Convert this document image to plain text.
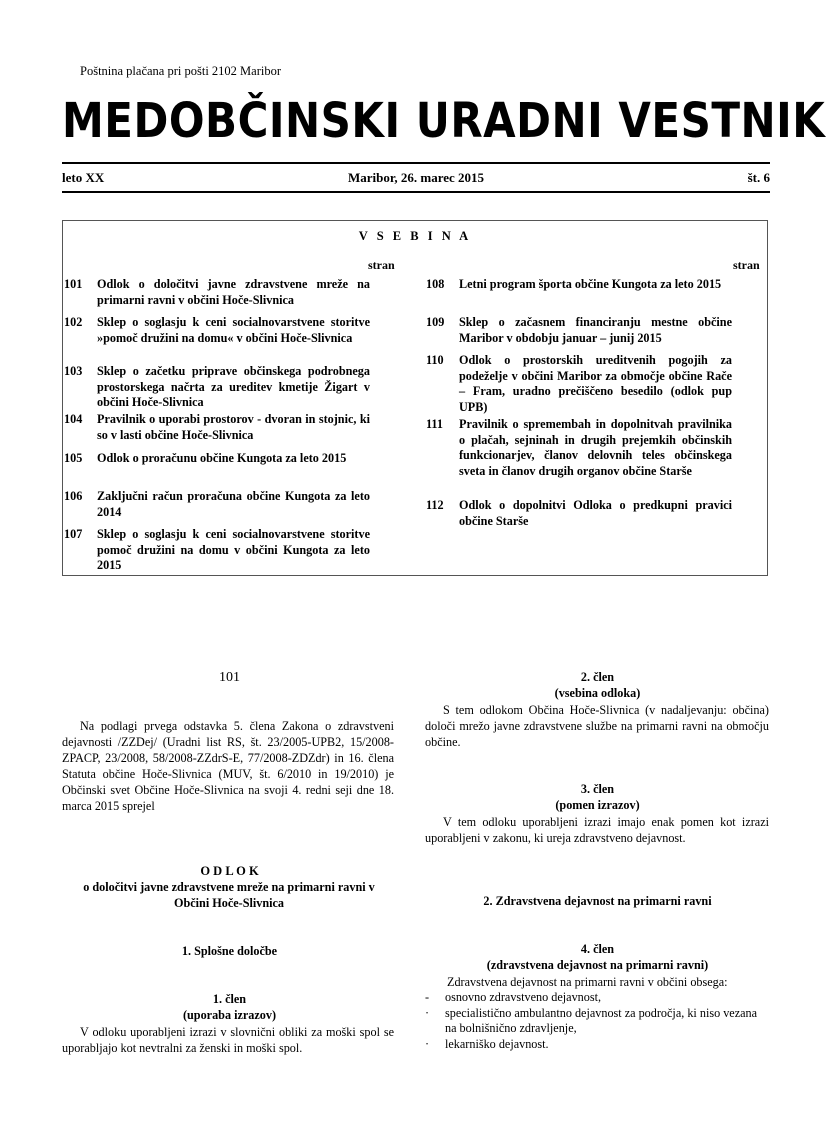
Poštnina plačana pri pošti 2102 Maribor
MEDOBČINSKI URADNI VESTNIK
leto XX	Maribor, 26. marec 2015	št. 6
V S E B I N A
stran	stran
101 Odlok o določitvi javne zdravstvene mreže na primarni ravni v občini Hoče-Slivnica
102 Sklep o soglasju k ceni socialnovarstvene storitve »pomoč družini na domu« v občini Hoče-Slivnica
103 Sklep o začetku priprave občinskega podrobnega prostorskega načrta za ureditev kmetije Žigart v občini Hoče-Slivnica
104 Pravilnik o uporabi prostorov - dvoran in stojnic, ki so v lasti občine Hoče-Slivnica
105 Odlok o proračunu občine Kungota za leto 2015
106 Zaključni račun proračuna občine Kungota za leto 2014
107 Sklep o soglasju k ceni socialnovarstvene storitve pomoč družini na domu v občini Kungota za leto 2015
108 Letni program športa občine Kungota za leto 2015
109 Sklep o začasnem financiranju mestne občine Maribor v obdobju januar – junij 2015
110 Odlok o prostorskih ureditvenih pogojih za podeželje v občini Maribor za območje občine Rače – Fram, uradno prečiščeno besedilo (odlok pup UPB)
111 Pravilnik o spremembah in dopolnitvah pravilnika o plačah, sejninah in drugih prejemkih občinskih funkcionarjev, članov delovnih teles občinskega sveta in članov drugih organov občine Starše
112 Odlok o dopolnitvi Odloka o predkupni pravici občine Starše
101
Na podlagi prvega odstavka 5. člena Zakona o zdravstveni dejavnosti /ZZDej/ (Uradni list RS, št. 23/2005-UPB2, 15/2008-ZPACP, 23/2008, 58/2008-ZZdrS-E, 77/2008-ZDZdr) in 16. člena Statuta občine Hoče-Slivnica (MUV, št. 6/2010 in 19/2010) je Občinski svet Občine Hoče-Slivnica na svoji 4. redni seji dne 18. marca 2015 sprejel
O D L O K
o določitvi javne zdravstvene mreže na primarni ravni v Občini Hoče-Slivnica
1. Splošne določbe
1. člen
(uporaba izrazov)
V odloku uporabljeni izrazi v slovnični obliki za moški spol se uporabljajo kot nevtralni za ženski in moški spol.
2. člen
(vsebina odloka)
S tem odlokom Občina Hoče-Slivnica (v nadaljevanju: občina) določi mrežo javne zdravstvene službe na primarni ravni na območju občine.
3. člen
(pomen izrazov)
V tem odloku uporabljeni izrazi imajo enak pomen kot izrazi uporabljeni v zakonu, ki ureja zdravstveno dejavnost.
2. Zdravstvena dejavnost na primarni ravni
4. člen
(zdravstvena dejavnost na primarni ravni)
Zdravstvena dejavnost na primarni ravni v občini obsega:
- osnovno zdravstveno dejavnost,
· specialistično ambulantno dejavnost za področja, ki niso vezana na bolnišnično zdravljenje,
· lekarniško dejavnost.
